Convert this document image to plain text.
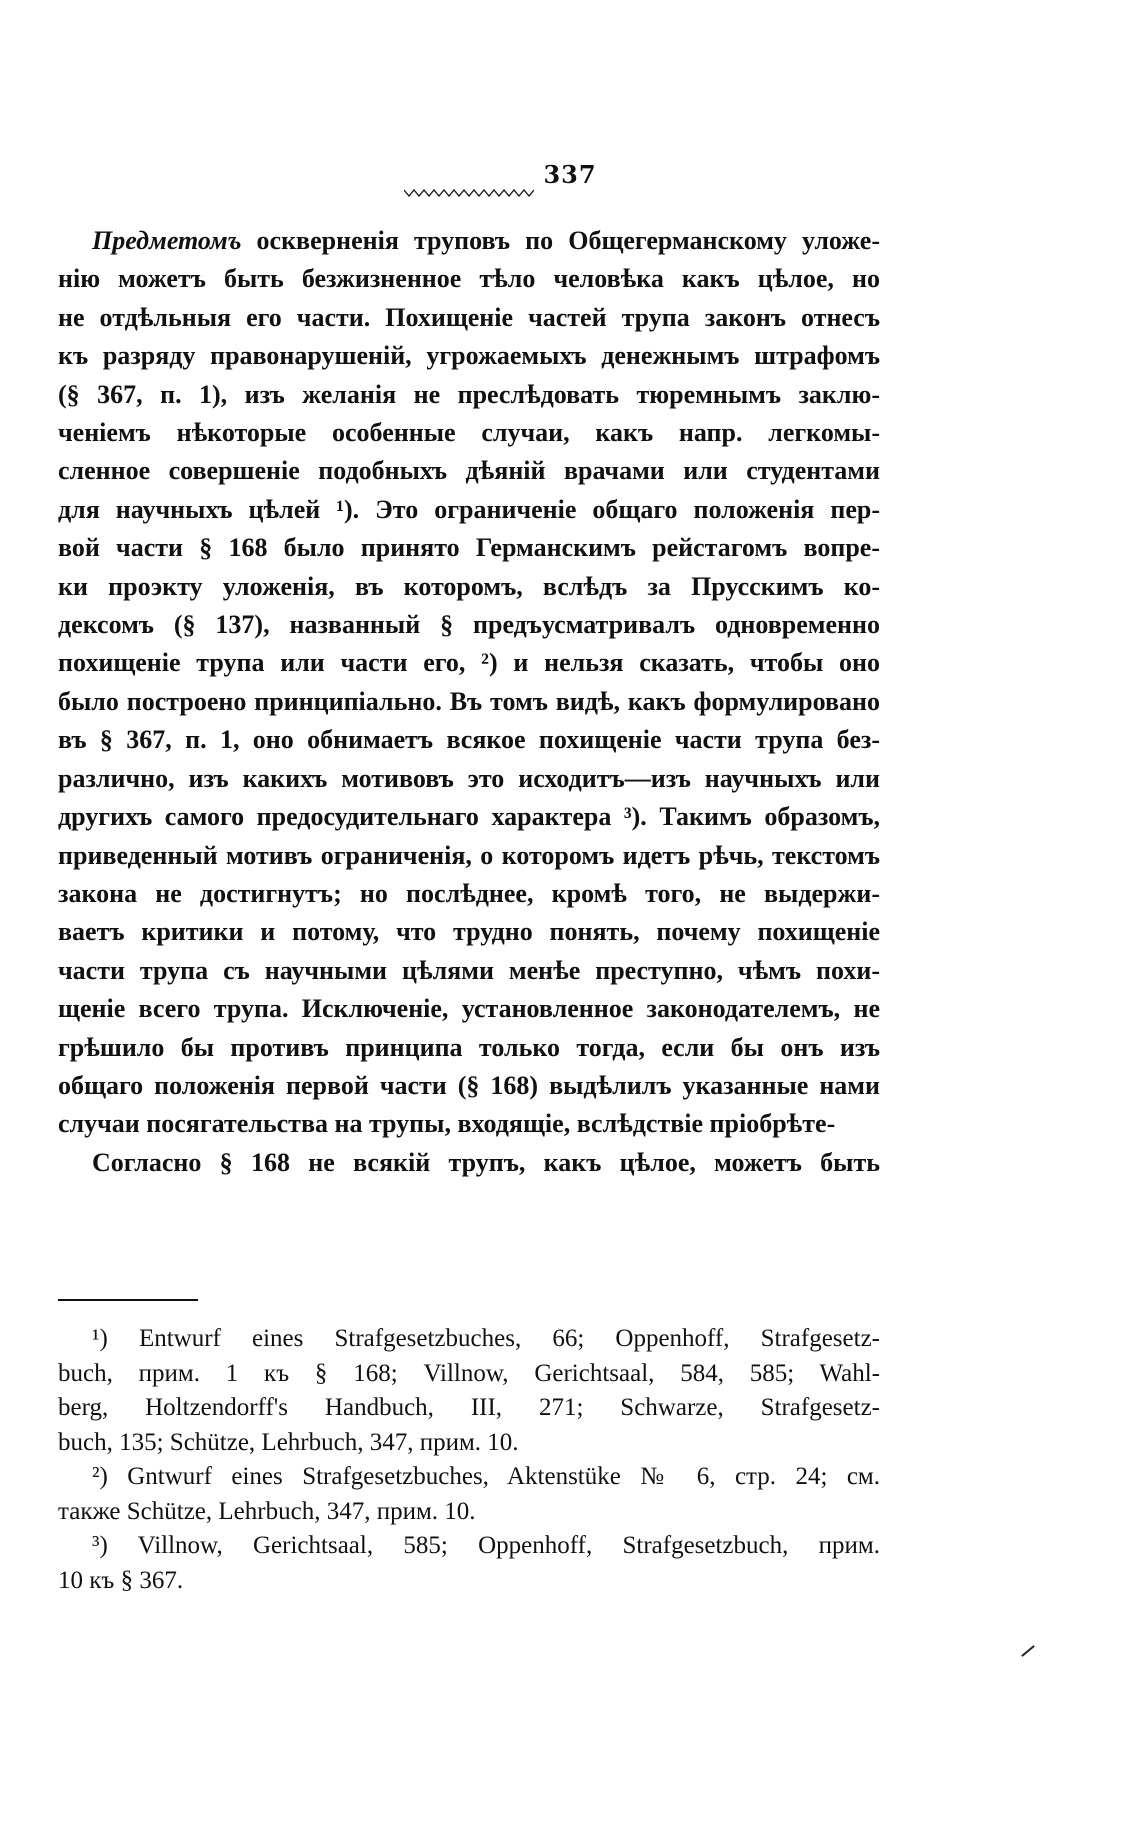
337
Предметомъ оскверненія труповъ по Общегерманскому уложе-
нію можетъ быть безжизненное тѣло человѣка какъ цѣлое, но
не отдѣльныя его части. Похищеніе частей трупа законъ отнесъ
къ разряду правонарушеній, угрожаемыхъ денежнымъ штрафомъ
(§ 367, п. 1), изъ желанія не преслѣдовать тюремнымъ заклю-
ченіемъ нѣкоторые особенные случаи, какъ напр. легкомы-
сленное совершеніе подобныхъ дѣяній врачами или студентами
для научныхъ цѣлей ¹). Это ограниченіе общаго положенія пер-
вой части § 168 было принято Германскимъ рейстагомъ вопре-
ки проэкту уложенія, въ которомъ, вслѣдъ за Прусскимъ ко-
дексомъ (§ 137), названный § предъусматривалъ одновременно
похищеніе трупа или части его, ²) и нельзя сказать, чтобы оно
было построено принципіально. Въ томъ видѣ, какъ формулировано
въ § 367, п. 1, оно обнимаетъ всякое похищеніе части трупа без-
различно, изъ какихъ мотивовъ это исходитъ—изъ научныхъ или
другихъ самого предосудительнаго характера ³). Такимъ образомъ,
приведенный мотивъ ограниченія, о которомъ идетъ рѣчь, текстомъ
закона не достигнутъ; но послѣднее, кромѣ того, не выдержи-
ваетъ критики и потому, что трудно понять, почему похищеніе
части трупа съ научными цѣлями менѣе преступно, чѣмъ похи-
щеніе всего трупа. Исключеніе, установленное законодателемъ, не
грѣшило бы противъ принципа только тогда, если бы онъ изъ
общаго положенія первой части (§ 168) выдѣлилъ указанные нами
случаи посягательства на трупы, входящіе, вслѣдствіе пріобрѣте-
Согласно § 168 не всякій трупъ, какъ цѣлое, можетъ быть
¹) Entwurf eines Strafgesetzbuches, 66; Oppenhoff, Strafgesetz-
buch, прим. 1 къ § 168; Villnow, Gerichtsaal, 584, 585; Wahl-
berg, Holtzendorff's Handbuch, III, 271; Schwarze, Strafgesetz-
buch, 135; Schütze, Lehrbuch, 347, прим. 10.
²) Gntwurf eines Strafgesetzbuches, Aktenstüke № 6, стр. 24; см.
также Schütze, Lehrbuch, 347, прим. 10.
³) Villnow, Gerichtsaal, 585; Oppenhoff, Strafgesetzbuch, прим.
10 къ § 367.
